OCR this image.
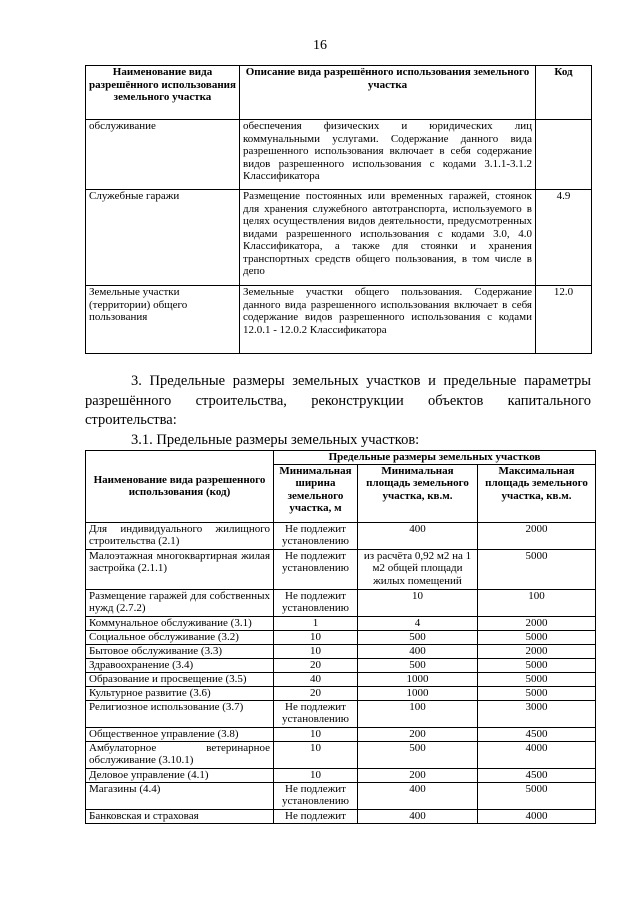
16
Наименование вида разрешённого использования земельного участка	Описание вида разрешённого использования земельного участка	Код
обслуживание	обеспечения физических и юридических лиц коммунальными услугами. Содержание данного вида разрешенного использования включает в себя содержание видов разрешенного использования с кодами 3.1.1-3.1.2 Классификатора	
Служебные гаражи	Размещение постоянных или временных гаражей, стоянок для хранения служебного автотранспорта, используемого в целях осуществления видов деятельности, предусмотренных видами разрешенного использования с кодами 3.0, 4.0 Классификатора, а также для стоянки и хранения транспортных средств общего пользования, в том числе в депо	4.9
Земельные участки (территории) общего пользования	Земельные участки общего пользования. Содержание данного вида разрешенного использования включает в себя содержание видов разрешенного использования с кодами 12.0.1 - 12.0.2 Классификатора	12.0
3. Предельные размеры земельных участков и предельные параметры разрешённого строительства, реконструкции объектов капитального строительства:
3.1. Предельные размеры земельных участков:
Наименование вида разрешенного использования (код)	Предельные размеры земельных участков		
	Минимальная ширина земельного участка, м	Минимальная площадь земельного участка, кв.м.	Максимальная площадь земельного участка, кв.м.
Для индивидуального жилищного строительства (2.1)	Не подлежит установлению	400	2000
Малоэтажная многоквартирная жилая застройка (2.1.1)	Не подлежит установлению	из расчёта 0,92 м2 на 1 м2 общей площади жилых помещений	5000
Размещение гаражей для собственных нужд (2.7.2)	Не подлежит установлению	10	100
Коммунальное обслуживание (3.1)	1	4	2000
Социальное обслуживание (3.2)	10	500	5000
Бытовое обслуживание (3.3)	10	400	2000
Здравоохранение (3.4)	20	500	5000
Образование и просвещение (3.5)	40	1000	5000
Культурное развитие (3.6)	20	1000	5000
Религиозное использование (3.7)	Не подлежит установлению	100	3000
Общественное управление (3.8)	10	200	4500
Амбулаторное ветеринарное обслуживание (3.10.1)	10	500	4000
Деловое управление (4.1)	10	200	4500
Магазины (4.4)	Не подлежит установлению	400	5000
Банковская и страховая	Не подлежит	400	4000
